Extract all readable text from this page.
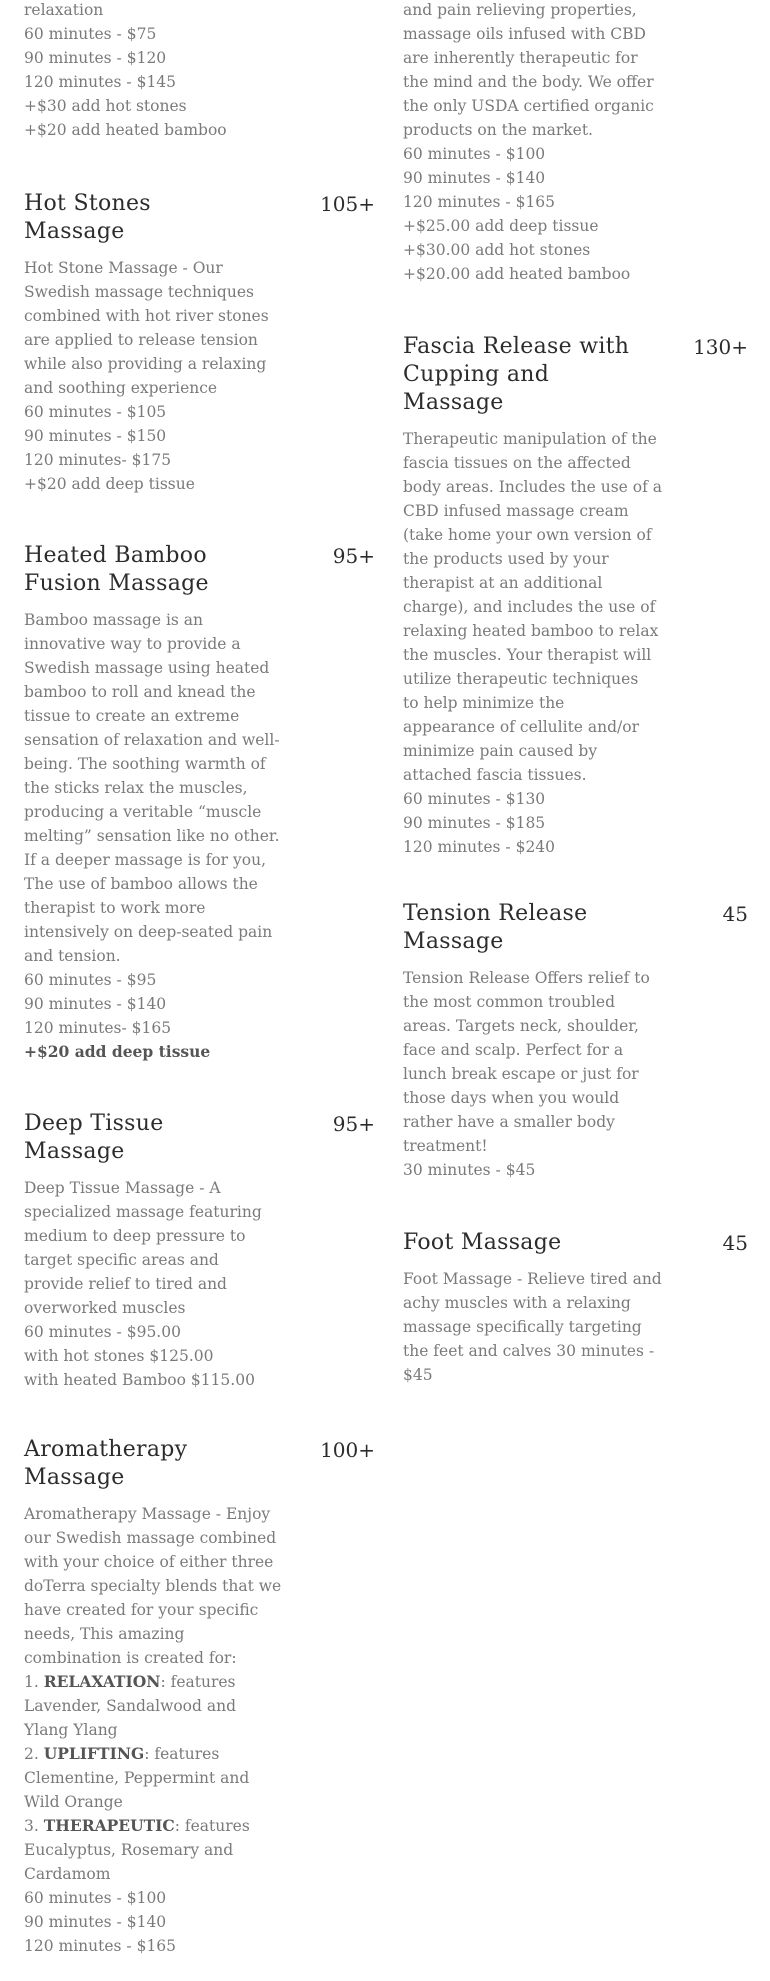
relaxation
60 minutes - $75
90 minutes - $120
120 minutes - $145
+$30 add hot stones
+$20 add heated bamboo
Hot Stones
Massage
105+
Hot Stone Massage - Our
Swedish massage techniques
combined with hot river stones
are applied to release tension
while also providing a relaxing
and soothing experience
60 minutes - $105
90 minutes - $150
120 minutes- $175
+$20 add deep tissue
Heated Bamboo
Fusion Massage
95+
Bamboo massage is an
innovative way to provide a
Swedish massage using heated
bamboo to roll and knead the
tissue to create an extreme
sensation of relaxation and well-
being. The soothing warmth of
the sticks relax the muscles,
producing a veritable “muscle
melting” sensation like no other.
If a deeper massage is for you,
The use of bamboo allows the
therapist to work more
intensively on deep-seated pain
and tension.
60 minutes - $95
90 minutes - $140
120 minutes- $165
+$20 add deep tissue
Deep Tissue
Massage
95+
Deep Tissue Massage - A
specialized massage featuring
medium to deep pressure to
target specific areas and
provide relief to tired and
overworked muscles
60 minutes - $95.00
with hot stones $125.00
with heated Bamboo $115.00
Aromatherapy
Massage
100+
Aromatherapy Massage - Enjoy
our Swedish massage combined
with your choice of either three
doTerra specialty blends that we
have created for your specific
needs, This amazing
combination is created for:
1. RELAXATION: features
Lavender, Sandalwood and
Ylang Ylang
2. UPLIFTING: features
Clementine, Peppermint and
Wild Orange
3. THERAPEUTIC: features
Eucalyptus, Rosemary and
Cardamom
60 minutes - $100
90 minutes - $140
120 minutes - $165
and pain relieving properties,
massage oils infused with CBD
are inherently therapeutic for
the mind and the body. We offer
the only USDA certified organic
products on the market.
60 minutes - $100
90 minutes - $140
120 minutes - $165
+$25.00 add deep tissue
+$30.00 add hot stones
+$20.00 add heated bamboo
Fascia Release with
Cupping and
Massage
130+
Therapeutic manipulation of the
fascia tissues on the affected
body areas. Includes the use of a
CBD infused massage cream
(take home your own version of
the products used by your
therapist at an additional
charge), and includes the use of
relaxing heated bamboo to relax
the muscles. Your therapist will
utilize therapeutic techniques
to help minimize the
appearance of cellulite and/or
minimize pain caused by
attached fascia tissues.
60 minutes - $130
90 minutes - $185
120 minutes - $240
Tension Release
Massage
45
Tension Release Offers relief to
the most common troubled
areas. Targets neck, shoulder,
face and scalp. Perfect for a
lunch break escape or just for
those days when you would
rather have a smaller body
treatment!
30 minutes - $45
Foot Massage	45
Foot Massage - Relieve tired and
achy muscles with a relaxing
massage specifically targeting
the feet and calves 30 minutes -
$45
